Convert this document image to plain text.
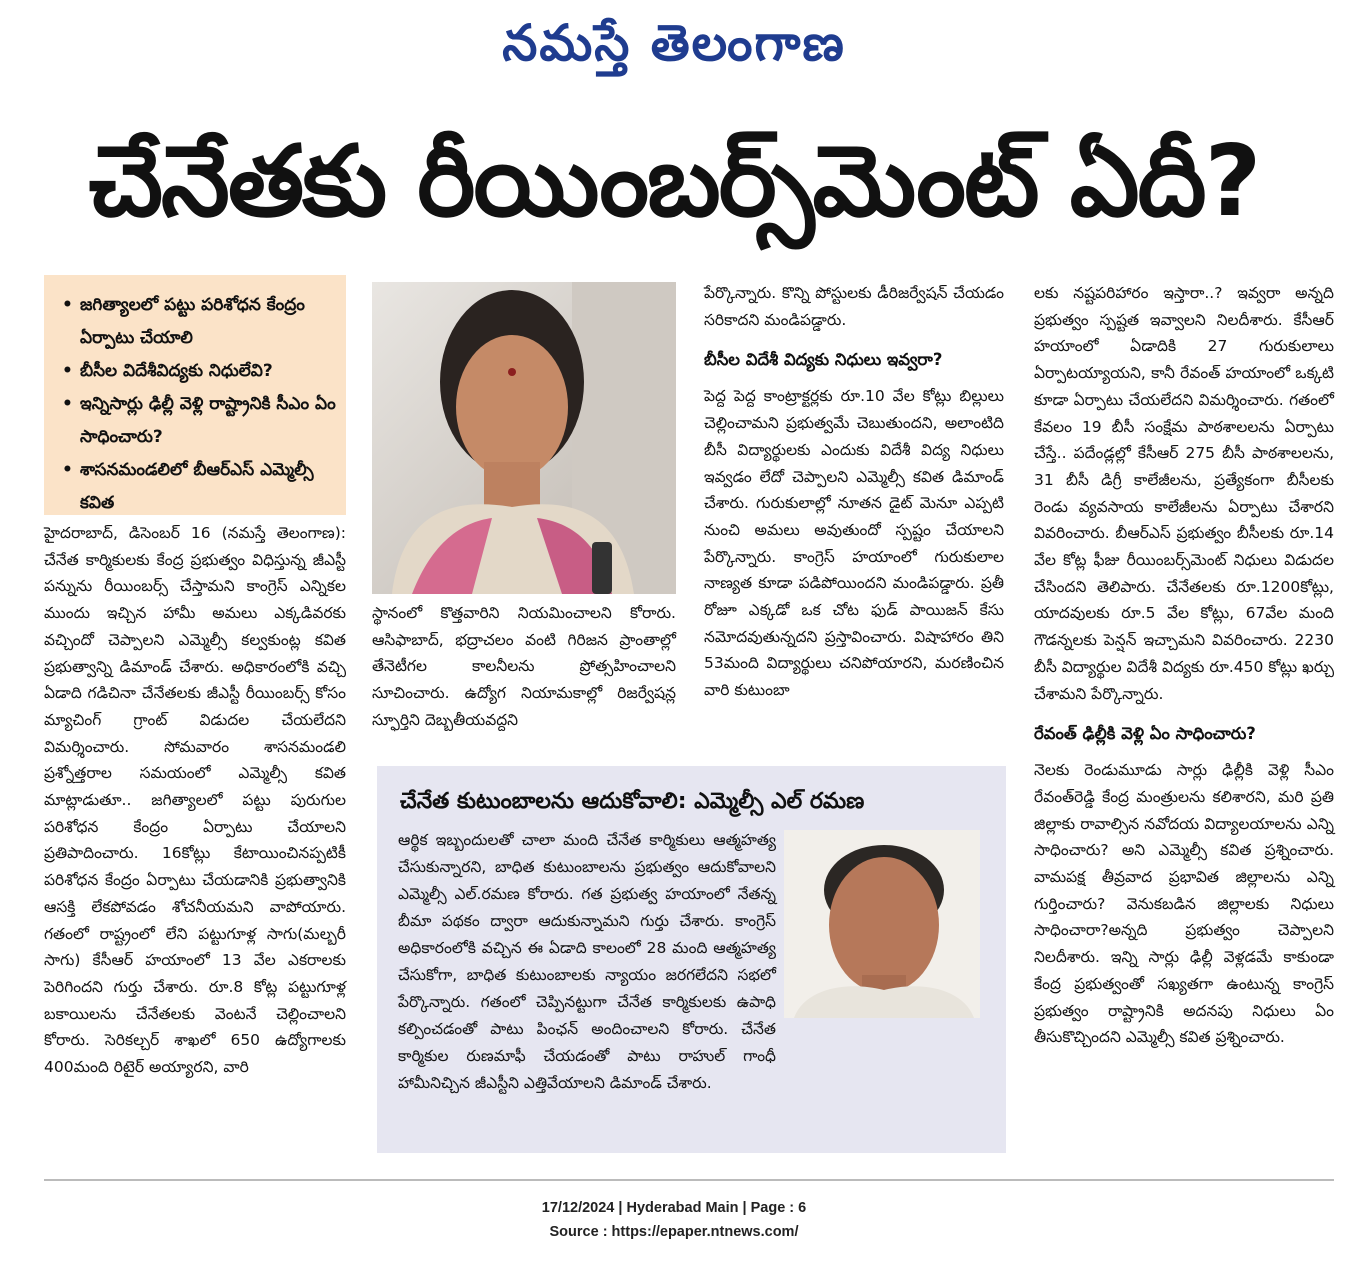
నమస్తే తెలంగాణ
చేనేతకు రీయింబర్స్‌మెంట్ ఏదీ?
• జగిత్యాలలో పట్టు పరిశోధన కేంద్రం ఏర్పాటు చేయాలి
• బీసీల విదేశీవిద్యకు నిధులేవి?
• ఇన్నిసార్లు ఢిల్లీ వెళ్లి రాష్ట్రానికి సీఎం ఏం సాధించారు?
• శాసనమండలిలో బీఆర్ఎస్ ఎమ్మెల్సీ కవిత

హైదరాబాద్, డిసెంబర్ 16 (నమస్తే తెలంగాణ): చేనేత కార్మికులకు కేంద్ర ప్రభుత్వం విధిస్తున్న జీఎస్టీ పన్నును రీయింబర్స్ చేస్తామని కాంగ్రెస్ ఎన్నికల ముందు ఇచ్చిన హామీ అమలు ఎక్కడివరకు వచ్చిందో చెప్పాలని ఎమ్మెల్సీ కల్వకుంట్ల కవిత ప్రభుత్వాన్ని డిమాండ్ చేశారు. అధికారంలోకి వచ్చి ఏడాది గడిచినా చేనేతలకు జీఎస్టీ రీయింబర్స్ కోసం మ్యాచింగ్ గ్రాంట్ విడుదల చేయలేదని విమర్శించారు. సోమవారం శాసనమండలి ప్రశ్నోత్తరాల సమయంలో ఎమ్మెల్సీ కవిత మాట్లాడుతూ.. జగిత్యాలలో పట్టు పురుగుల పరిశోధన కేంద్రం ఏర్పాటు చేయాలని ప్రతిపాదించారు. 16కోట్లు కేటాయించినప్పటికీ పరిశోధన కేంద్రం ఏర్పాటు చేయడానికి ప్రభుత్వానికి ఆసక్తి లేకపోవడం శోచనీయమని వాపోయారు. గతంలో రాష్ట్రంలో లేని పట్టుగూళ్ల సాగు(మల్బరీ సాగు) కేసీఆర్ హయాంలో 13 వేల ఎకరాలకు పెరిగిందని గుర్తు చేశారు. రూ.8 కోట్ల పట్టుగూళ్ల బకాయిలను చేనేతలకు వెంటనే చెల్లించాలని కోరారు. సెరికల్చర్ శాఖలో 650 ఉద్యోగాలకు 400మంది రిటైర్ అయ్యారని, వారి

స్థానంలో కొత్తవారిని నియమించాలని కోరారు. ఆసిఫాబాద్, భద్రాచలం వంటి గిరిజన ప్రాంతాల్లో తేనెటీగల కాలనీలను ప్రోత్సహించాలని సూచించారు. ఉద్యోగ నియామకాల్లో రిజర్వేషన్ల స్ఫూర్తిని దెబ్బతీయవద్దని

పేర్కొన్నారు. కొన్ని పోస్టులకు డీరిజర్వేషన్ చేయడం సరికాదని మండిపడ్డారు.

బీసీల విదేశీ విద్యకు నిధులు ఇవ్వరా?

పెద్ద పెద్ద కాంట్రాక్టర్లకు రూ.10 వేల కోట్లు బిల్లులు చెల్లించామని ప్రభుత్వమే చెబుతుందని, అలాంటిది బీసీ విద్యార్థులకు ఎందుకు విదేశీ విద్య నిధులు ఇవ్వడం లేదో చెప్పాలని ఎమ్మెల్సీ కవిత డిమాండ్ చేశారు. గురుకులాల్లో నూతన డైట్ మెనూ ఎప్పటి నుంచి అమలు అవుతుందో స్పష్టం చేయాలని పేర్కొన్నారు. కాంగ్రెస్ హయాంలో గురుకులాల నాణ్యత కూడా పడిపోయిందని మండిపడ్డారు. ప్రతీ రోజూ ఎక్కడో ఒక చోట ఫుడ్ పాయిజన్ కేసు నమోదవుతున్నదని ప్రస్తావించారు. విషాహారం తిని 53మంది విద్యార్థులు చనిపోయారని, మరణించిన వారి కుటుంబా

లకు నష్టపరిహారం ఇస్తారా..? ఇవ్వరా అన్నది ప్రభుత్వం స్పష్టత ఇవ్వాలని నిలదీశారు. కేసీఆర్ హయాంలో ఏడాదికి 27 గురుకులాలు ఏర్పాటయ్యాయని, కానీ రేవంత్ హయాంలో ఒక్కటి కూడా ఏర్పాటు చేయలేదని విమర్శించారు. గతంలో కేవలం 19 బీసీ సంక్షేమ పాఠశాలలను ఏర్పాటు చేస్తే.. పదేండ్లల్లో కేసీఆర్ 275 బీసీ పాఠశాలలను, 31 బీసీ డిగ్రీ కాలేజీలను, ప్రత్యేకంగా బీసీలకు రెండు వ్యవసాయ కాలేజీలను ఏర్పాటు చేశారని వివరించారు. బీఆర్ఎస్ ప్రభుత్వం బీసీలకు రూ.14 వేల కోట్ల ఫీజు రీయింబర్స్‌మెంట్ నిధులు విడుదల చేసిందని తెలిపారు. చేనేతలకు రూ.1200కోట్లు, యాదవులకు రూ.5 వేల కోట్లు, 67వేల మంది గౌడన్నలకు పెన్షన్ ఇచ్చామని వివరించారు. 2230 బీసీ విద్యార్థుల విదేశీ విద్యకు రూ.450 కోట్లు ఖర్చు చేశామని పేర్కొన్నారు.

రేవంత్ ఢిల్లీకి వెళ్లి ఏం సాధించారు?

నెలకు రెండుమూడు సార్లు ఢిల్లీకి వెళ్లి సీఎం రేవంత్‌రెడ్డి కేంద్ర మంత్రులను కలిశారని, మరి ప్రతి జిల్లాకు రావాల్సిన నవోదయ విద్యాలయాలను ఎన్ని సాధించారు? అని ఎమ్మెల్సీ కవిత ప్రశ్నించారు. వామపక్ష తీవ్రవాద ప్రభావిత జిల్లాలను ఎన్ని గుర్తించారు? వెనుకబడిన జిల్లాలకు నిధులు సాధించారా?అన్నది ప్రభుత్వం చెప్పాలని నిలదీశారు. ఇన్ని సార్లు ఢిల్లీ వెళ్లడమే కాకుండా కేంద్ర ప్రభుత్వంతో సఖ్యతగా ఉంటున్న కాంగ్రెస్ ప్రభుత్వం రాష్ట్రానికి అదనపు నిధులు ఏం తీసుకొచ్చిందని ఎమ్మెల్సీ కవిత ప్రశ్నించారు.

చేనేత కుటుంబాలను ఆదుకోవాలి: ఎమ్మెల్సీ ఎల్ రమణ

ఆర్థిక ఇబ్బందులతో చాలా మంది చేనేత కార్మికులు ఆత్మహత్య చేసుకున్నారని, బాధిత కుటుంబాలను ప్రభుత్వం ఆదుకోవాలని ఎమ్మెల్సీ ఎల్.రమణ కోరారు. గత ప్రభుత్వ హయాంలో నేతన్న బీమా పథకం ద్వారా ఆదుకున్నామని గుర్తు చేశారు. కాంగ్రెస్ అధికారంలోకి వచ్చిన ఈ ఏడాది కాలంలో 28 మంది ఆత్మహత్య చేసుకోగా, బాధిత కుటుంబాలకు న్యాయం జరగలేదని సభలో పేర్కొన్నారు. గతంలో చెప్పినట్టుగా చేనేత కార్మికులకు ఉపాధి కల్పించడంతో పాటు పింఛన్ అందించాలని కోరారు. చేనేత కార్మికుల రుణమాఫీ చేయడంతో పాటు రాహుల్ గాంధీ హామీనిచ్చిన జీఎస్టీని ఎత్తివేయాలని డిమాండ్ చేశారు.

17/12/2024 | Hyderabad Main | Page : 6
Source : https://epaper.ntnews.com/
